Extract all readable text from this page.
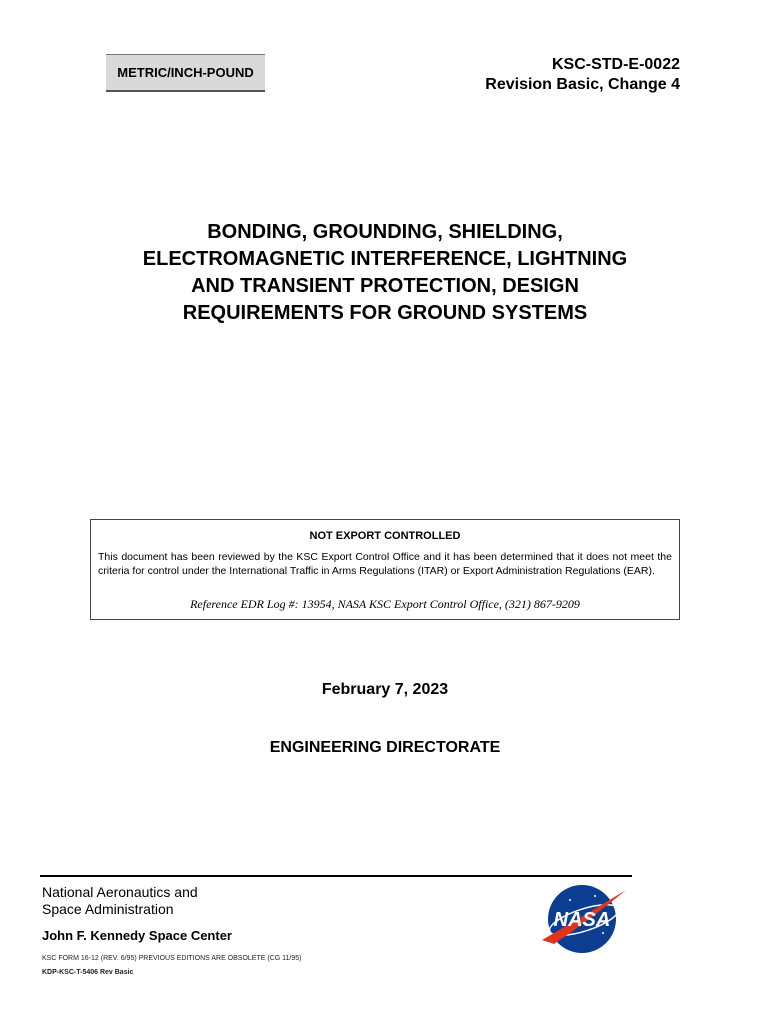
METRIC/INCH-POUND	KSC-STD-E-0022
Revision Basic, Change 4
BONDING, GROUNDING, SHIELDING,
ELECTROMAGNETIC INTERFERENCE, LIGHTNING
AND TRANSIENT PROTECTION, DESIGN
REQUIREMENTS FOR GROUND SYSTEMS
NOT EXPORT CONTROLLED
This document has been reviewed by the KSC Export Control Office and it has been determined that it does not meet the criteria for control under the International Traffic in Arms Regulations (ITAR) or Export Administration Regulations (EAR).
Reference EDR Log #: 13954, NASA KSC Export Control Office, (321) 867-9209
February 7, 2023
ENGINEERING DIRECTORATE
National Aeronautics and
Space Administration
John F. Kennedy Space Center
KSC FORM 16-12 (REV. 6/95) PREVIOUS EDITIONS ARE OBSOLETE (CG 11/95)
KDP-KSC-T-5406 Rev Basic
NASA
